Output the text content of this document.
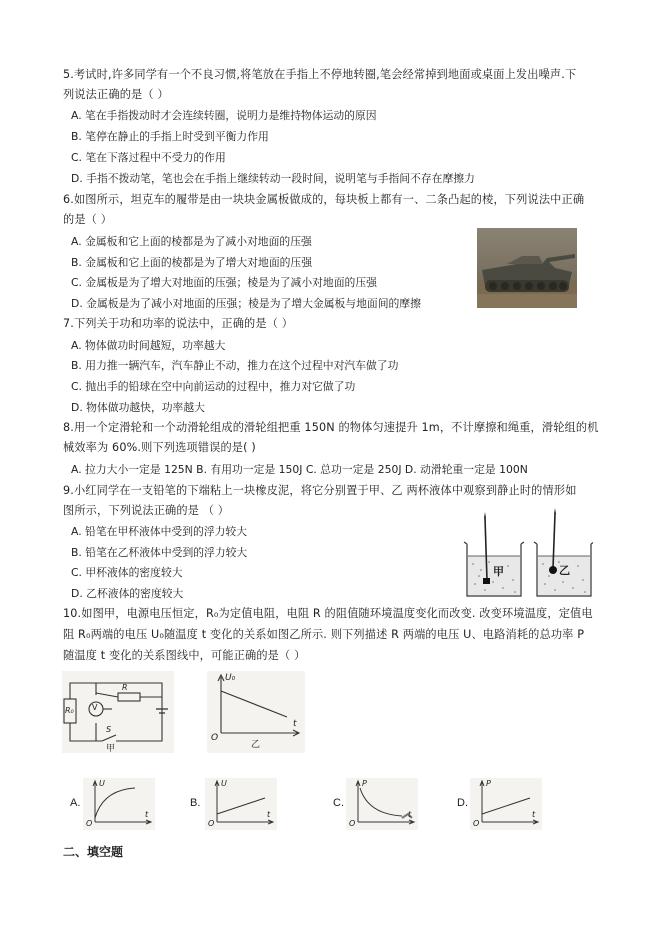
5.考试时,许多同学有一个不良习惯,将笔放在手指上不停地转圈,笔会经常掉到地面或桌面上发出噪声.下
列说法正确的是（ ）
A. 笔在手指拨动时才会连续转圈，说明力是维持物体运动的原因
B. 笔停在静止的手指上时受到平衡力作用
C. 笔在下落过程中不受力的作用
D. 手指不拨动笔，笔也会在手指上继续转动一段时间，说明笔与手指间不存在摩擦力
6.如图所示，坦克车的履带是由一块块金属板做成的，每块板上都有一、二条凸起的棱，下列说法中正确
的是（ ）
A. 金属板和它上面的棱都是为了减小对地面的压强
B. 金属板和它上面的棱都是为了增大对地面的压强
C. 金属板是为了增大对地面的压强；棱是为了减小对地面的压强
D. 金属板是为了减小对地面的压强；棱是为了增大金属板与地面间的摩擦
7.下列关于功和功率的说法中，正确的是（ ）
A. 物体做功时间越短，功率越大
B. 用力推一辆汽车，汽车静止不动，推力在这个过程中对汽车做了功
C. 抛出手的铅球在空中向前运动的过程中，推力对它做了功
D. 物体做功越快，功率越大
8.用一个定滑轮和一个动滑轮组成的滑轮组把重 150N 的物体匀速提升 1m，不计摩擦和绳重，滑轮组的机
械效率为 60%.则下列选项错误的是( )
A. 拉力大小一定是 125N B. 有用功一定是 150J C. 总功一定是 250J D. 动滑轮重一定是 100N
9.小红同学在一支铅笔的下端粘上一块橡皮泥，将它分别置于甲、乙 两杯液体中观察到静止时的情形如
图所示，下列说法正确的是 （ ）
A. 铅笔在甲杯液体中受到的浮力较大
B. 铅笔在乙杯液体中受到的浮力较大
C. 甲杯液体的密度较大
D. 乙杯液体的密度较大
甲	乙
10.如图甲，电源电压恒定，R₀为定值电阻，电阻 R 的阻值随环境温度变化而改变. 改变环境温度，定值电
阻 R₀两端的电压 U₀随温度 t 变化的关系如图乙所示. 则下列描述 R 两端的电压 U、电路消耗的总功率 P
随温度 t 变化的关系图线中，可能正确的是（ ）
R₀ V
R
S
甲
U₀
t
O
乙
A.
U
t
O
B.
U
t
O
C.
P
t
O
D.
P
t
O
二、填空题
